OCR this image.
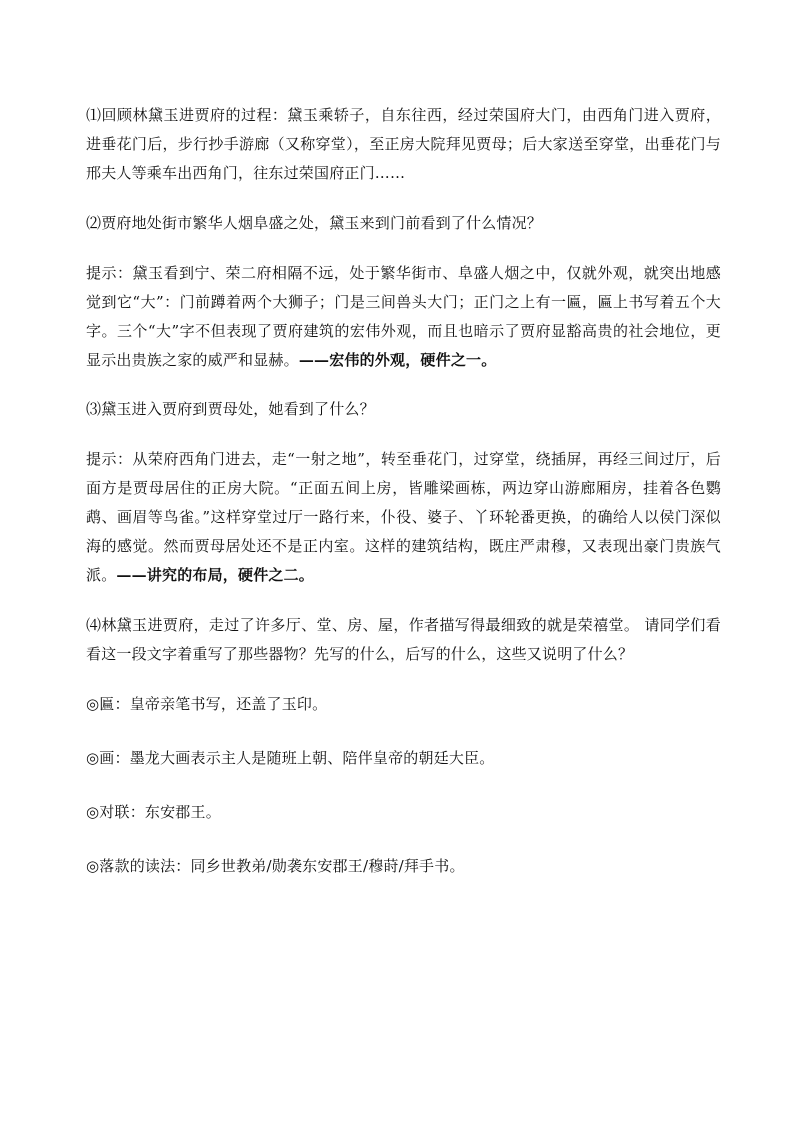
⑴回顾林黛玉进贾府的过程：黛玉乘轿子，自东往西，经过荣国府大门，由西角门进入贾府，进垂花门后，步行抄手游廊（又称穿堂），至正房大院拜见贾母；后大家送至穿堂，出垂花门与邢夫人等乘车出西角门，往东过荣国府正门……

⑵贾府地处街市繁华人烟阜盛之处，黛玉来到门前看到了什么情况？

提示：黛玉看到宁、荣二府相隔不远，处于繁华街市、阜盛人烟之中，仅就外观，就突出地感觉到它“大”：门前蹲着两个大狮子；门是三间兽头大门；正门之上有一匾，匾上书写着五个大字。三个“大”字不但表现了贾府建筑的宏伟外观，而且也暗示了贾府显豁高贵的社会地位，更显示出贵族之家的威严和显赫。——宏伟的外观，硬件之一。

⑶黛玉进入贾府到贾母处，她看到了什么？

提示：从荣府西角门进去，走“一射之地”，转至垂花门，过穿堂，绕插屏，再经三间过厅，后面方是贾母居住的正房大院。“正面五间上房，皆雕梁画栋，两边穿山游廊厢房，挂着各色鹦鹉、画眉等鸟雀。”这样穿堂过厅一路行来，仆役、婆子、丫环轮番更换，的确给人以侯门深似海的感觉。然而贾母居处还不是正内室。这样的建筑结构，既庄严肃穆，又表现出豪门贵族气派。——讲究的布局，硬件之二。

⑷林黛玉进贾府，走过了许多厅、堂、房、屋，作者描写得最细致的就是荣禧堂。 请同学们看看这一段文字着重写了那些器物？先写的什么，后写的什么，这些又说明了什么？

◎匾：皇帝亲笔书写，还盖了玉印。

◎画：墨龙大画表示主人是随班上朝、陪伴皇帝的朝廷大臣。

◎对联：东安郡王。

◎落款的读法：同乡世教弟/勋袭东安郡王/穆莳/拜手书。
